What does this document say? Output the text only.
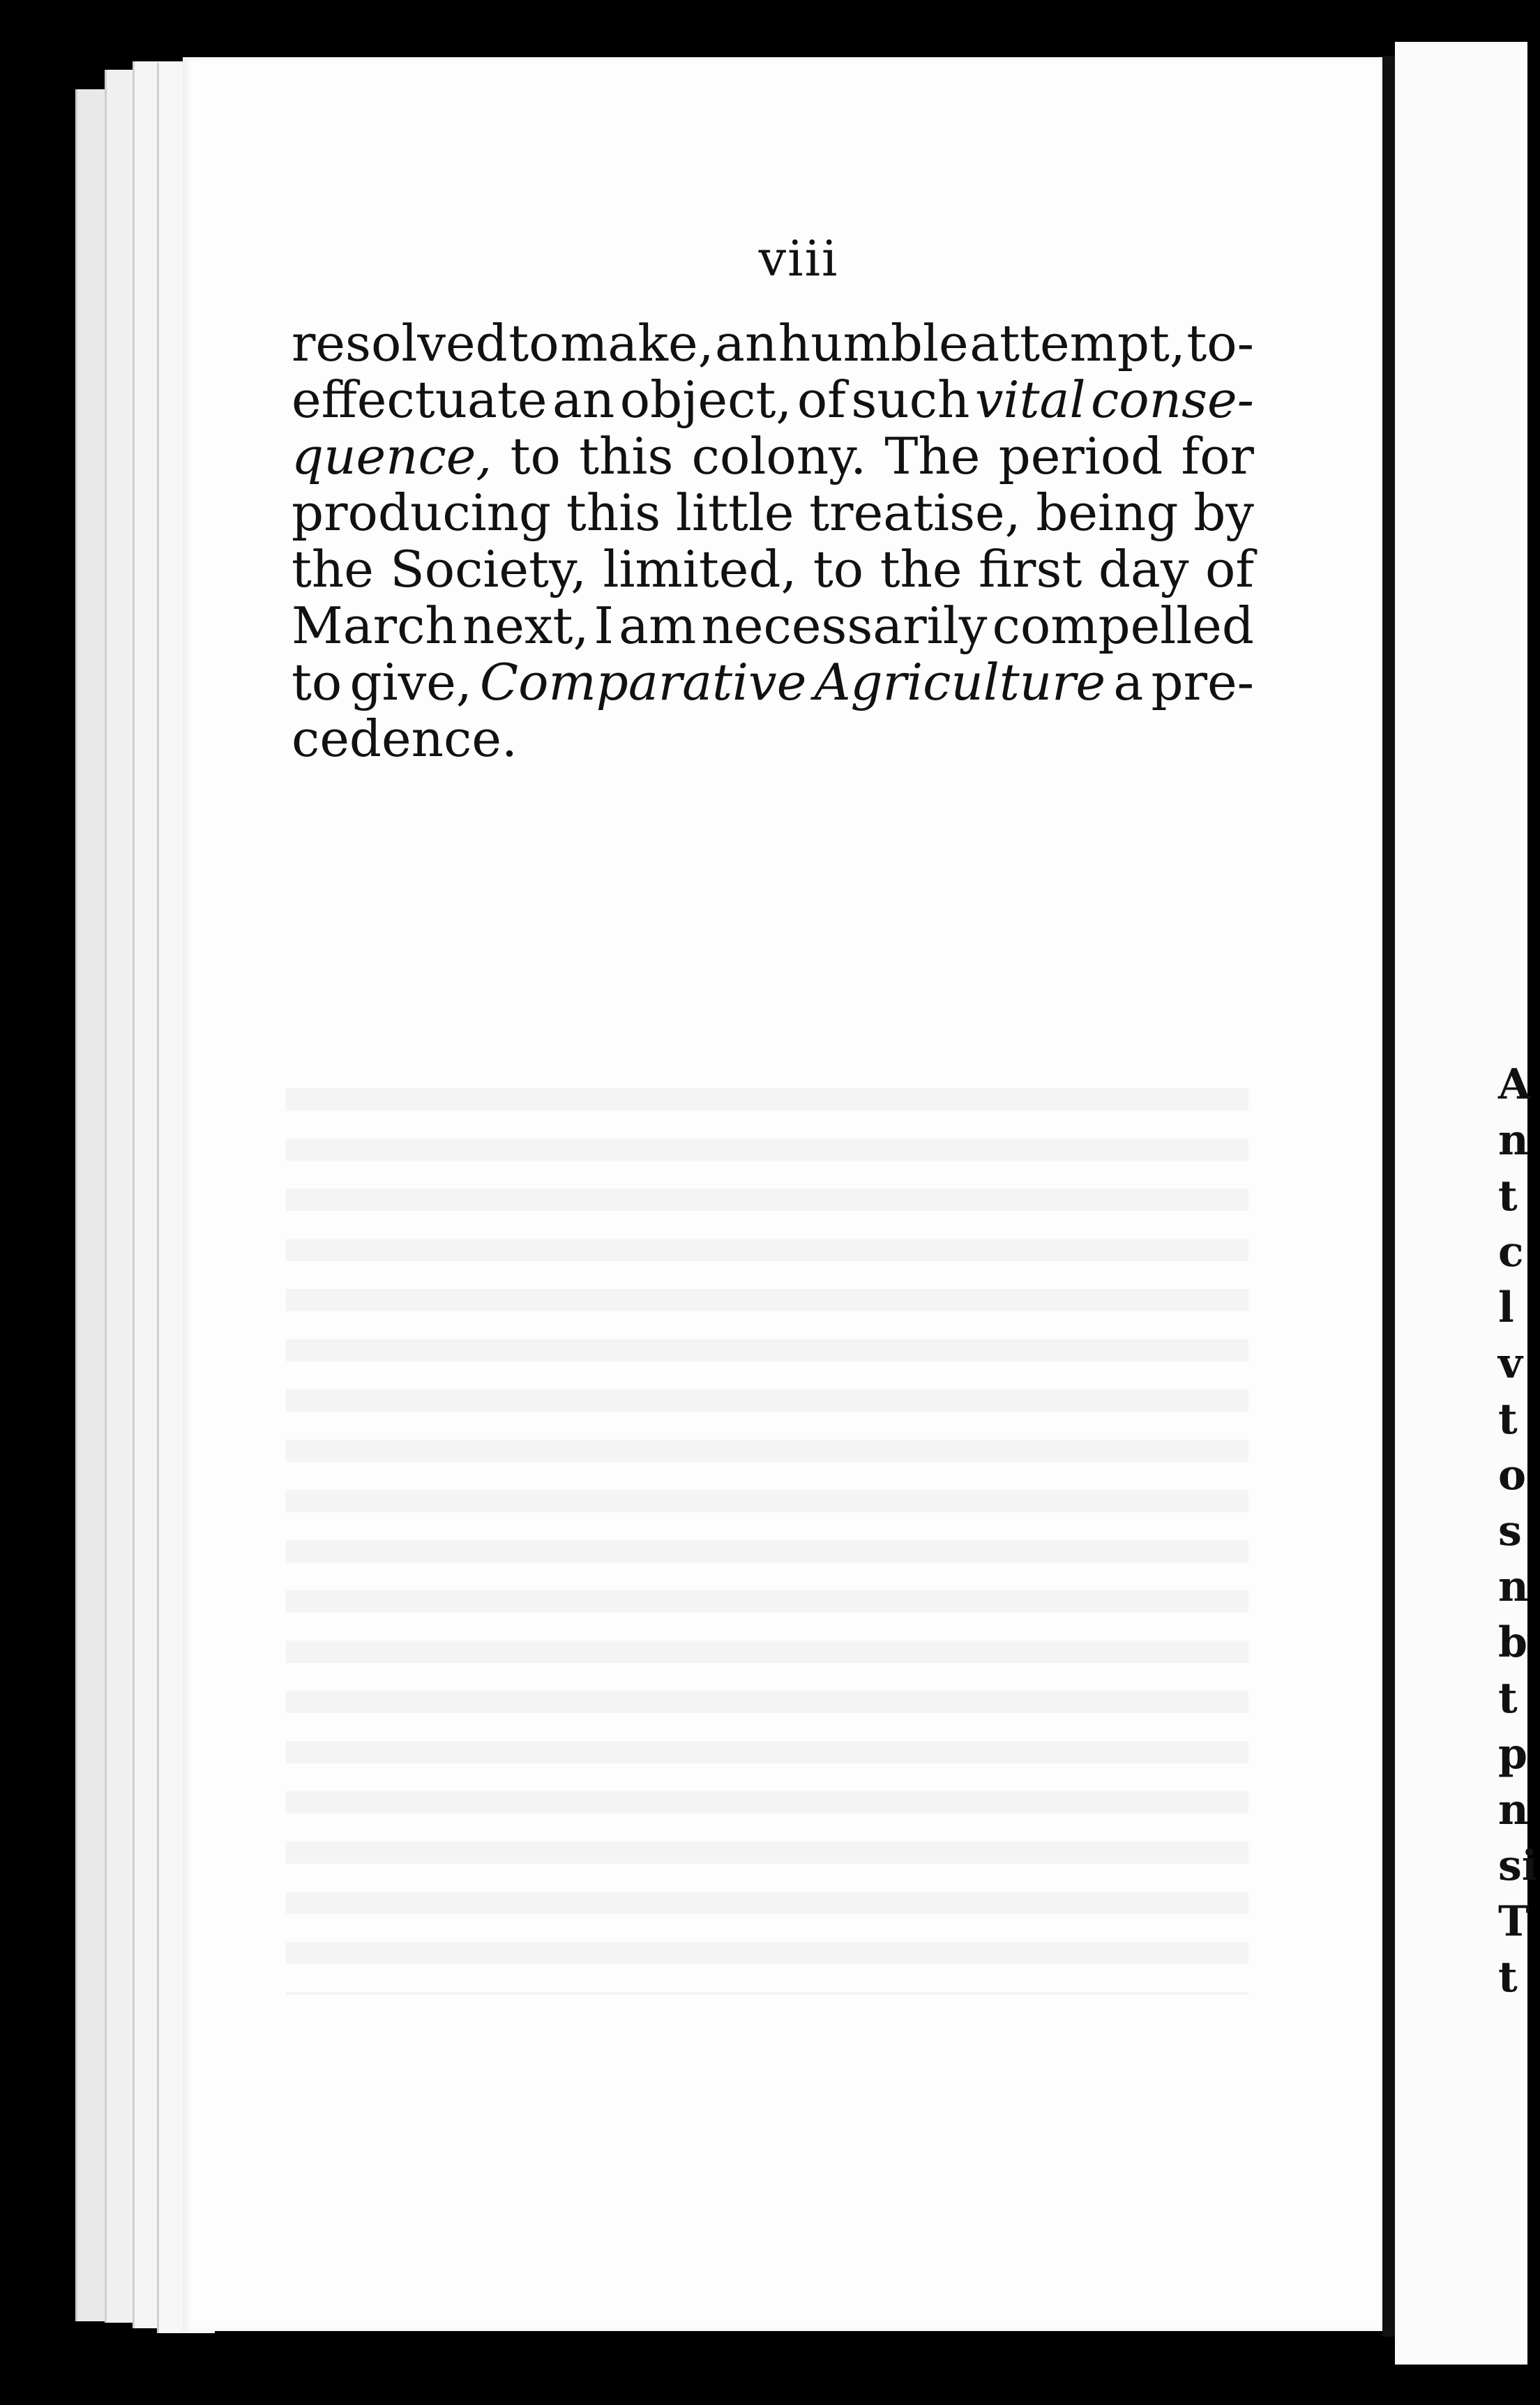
A
n
t
c
l
v
t
o
s
n
b
t
p
n
si
T
t
viii
resolved to make, an humble attempt, to-
effectuate an object, of such vital conse-
quence, to this colony. The period for
producing this little treatise, being by
the Society, limited, to the first day of
March next, I am necessarily compelled
to give, Comparative Agriculture a pre-
cedence.
